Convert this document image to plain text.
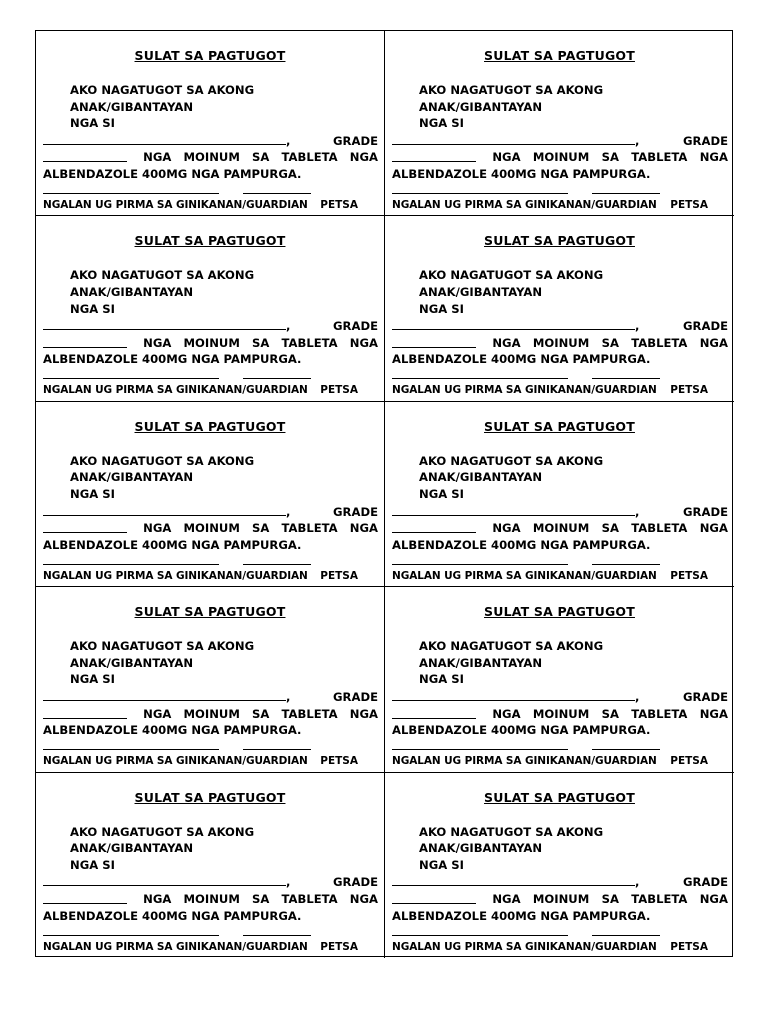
SULAT SA PAGTUGOT
AKO NAGATUGOT SA AKONG ANAK/GIBANTAYAN
NGA SI
,	GRADE
NGA MOINUM SA TABLETA NGA
ALBENDAZOLE 400MG NGA PAMPURGA.
NGALAN UG PIRMA SA GINIKANAN/GUARDIAN PETSA
SULAT SA PAGTUGOT
AKO NAGATUGOT SA AKONG ANAK/GIBANTAYAN
NGA SI
,	GRADE
NGA MOINUM SA TABLETA NGA
ALBENDAZOLE 400MG NGA PAMPURGA.
NGALAN UG PIRMA SA GINIKANAN/GUARDIAN PETSA
SULAT SA PAGTUGOT
AKO NAGATUGOT SA AKONG ANAK/GIBANTAYAN
NGA SI
,	GRADE
NGA MOINUM SA TABLETA NGA
ALBENDAZOLE 400MG NGA PAMPURGA.
NGALAN UG PIRMA SA GINIKANAN/GUARDIAN PETSA
SULAT SA PAGTUGOT
AKO NAGATUGOT SA AKONG ANAK/GIBANTAYAN
NGA SI
,	GRADE
NGA MOINUM SA TABLETA NGA
ALBENDAZOLE 400MG NGA PAMPURGA.
NGALAN UG PIRMA SA GINIKANAN/GUARDIAN PETSA
SULAT SA PAGTUGOT
AKO NAGATUGOT SA AKONG ANAK/GIBANTAYAN
NGA SI
,	GRADE
NGA MOINUM SA TABLETA NGA
ALBENDAZOLE 400MG NGA PAMPURGA.
NGALAN UG PIRMA SA GINIKANAN/GUARDIAN PETSA
SULAT SA PAGTUGOT
AKO NAGATUGOT SA AKONG ANAK/GIBANTAYAN
NGA SI
,	GRADE
NGA MOINUM SA TABLETA NGA
ALBENDAZOLE 400MG NGA PAMPURGA.
NGALAN UG PIRMA SA GINIKANAN/GUARDIAN PETSA
SULAT SA PAGTUGOT
AKO NAGATUGOT SA AKONG ANAK/GIBANTAYAN
NGA SI
,	GRADE
NGA MOINUM SA TABLETA NGA
ALBENDAZOLE 400MG NGA PAMPURGA.
NGALAN UG PIRMA SA GINIKANAN/GUARDIAN PETSA
SULAT SA PAGTUGOT
AKO NAGATUGOT SA AKONG ANAK/GIBANTAYAN
NGA SI
,	GRADE
NGA MOINUM SA TABLETA NGA
ALBENDAZOLE 400MG NGA PAMPURGA.
NGALAN UG PIRMA SA GINIKANAN/GUARDIAN PETSA
SULAT SA PAGTUGOT
AKO NAGATUGOT SA AKONG ANAK/GIBANTAYAN
NGA SI
,	GRADE
NGA MOINUM SA TABLETA NGA
ALBENDAZOLE 400MG NGA PAMPURGA.
NGALAN UG PIRMA SA GINIKANAN/GUARDIAN PETSA
SULAT SA PAGTUGOT
AKO NAGATUGOT SA AKONG ANAK/GIBANTAYAN
NGA SI
,	GRADE
NGA MOINUM SA TABLETA NGA
ALBENDAZOLE 400MG NGA PAMPURGA.
NGALAN UG PIRMA SA GINIKANAN/GUARDIAN PETSA
